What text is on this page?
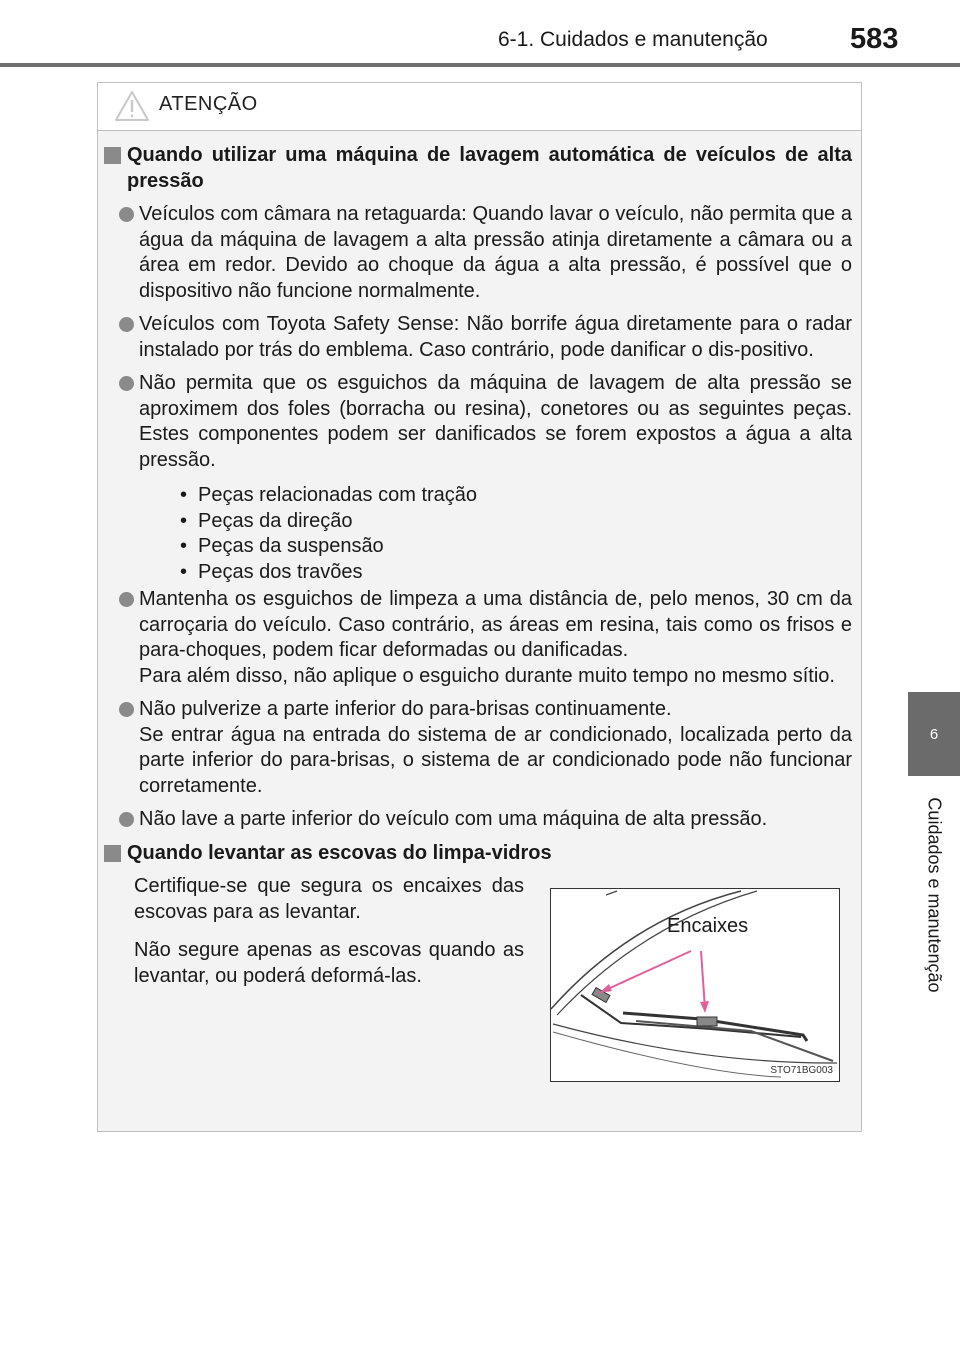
6-1. Cuidados e manutenção	583
6
Cuidados e manutenção
ATENÇÃO
Quando utilizar uma máquina de lavagem automática de veículos de alta pressão

Veículos com câmara na retaguarda: Quando lavar o veículo, não permita que a água da máquina de lavagem a alta pressão atinja diretamente a câmara ou a área em redor. Devido ao choque da água a alta pressão, é possível que o dispositivo não funcione normalmente.

Veículos com Toyota Safety Sense: Não borrife água diretamente para o radar instalado por trás do emblema. Caso contrário, pode danificar o dis-positivo.

Não permita que os esguichos da máquina de lavagem de alta pressão se aproximem dos foles (borracha ou resina), conetores ou as seguintes peças. Estes componentes podem ser danificados se forem expostos a água a alta pressão.

• Peças relacionadas com tração
• Peças da direção
• Peças da suspensão
• Peças dos travões

Mantenha os esguichos de limpeza a uma distância de, pelo menos, 30 cm da carroçaria do veículo. Caso contrário, as áreas em resina, tais como os frisos e para-choques, podem ficar deformadas ou danificadas.

Para além disso, não aplique o esguicho durante muito tempo no mesmo sítio.

Não pulverize a parte inferior do para-brisas continuamente.

Se entrar água na entrada do sistema de ar condicionado, localizada perto da parte inferior do para-brisas, o sistema de ar condicionado pode não funcionar corretamente.

Não lave a parte inferior do veículo com uma máquina de alta pressão.

Quando levantar as escovas do limpa-vidros

Certifique-se que segura os encaixes das escovas para as levantar.

Não segure apenas as escovas quando as levantar, ou poderá deformá-las.

Encaixes
STO71BG003
